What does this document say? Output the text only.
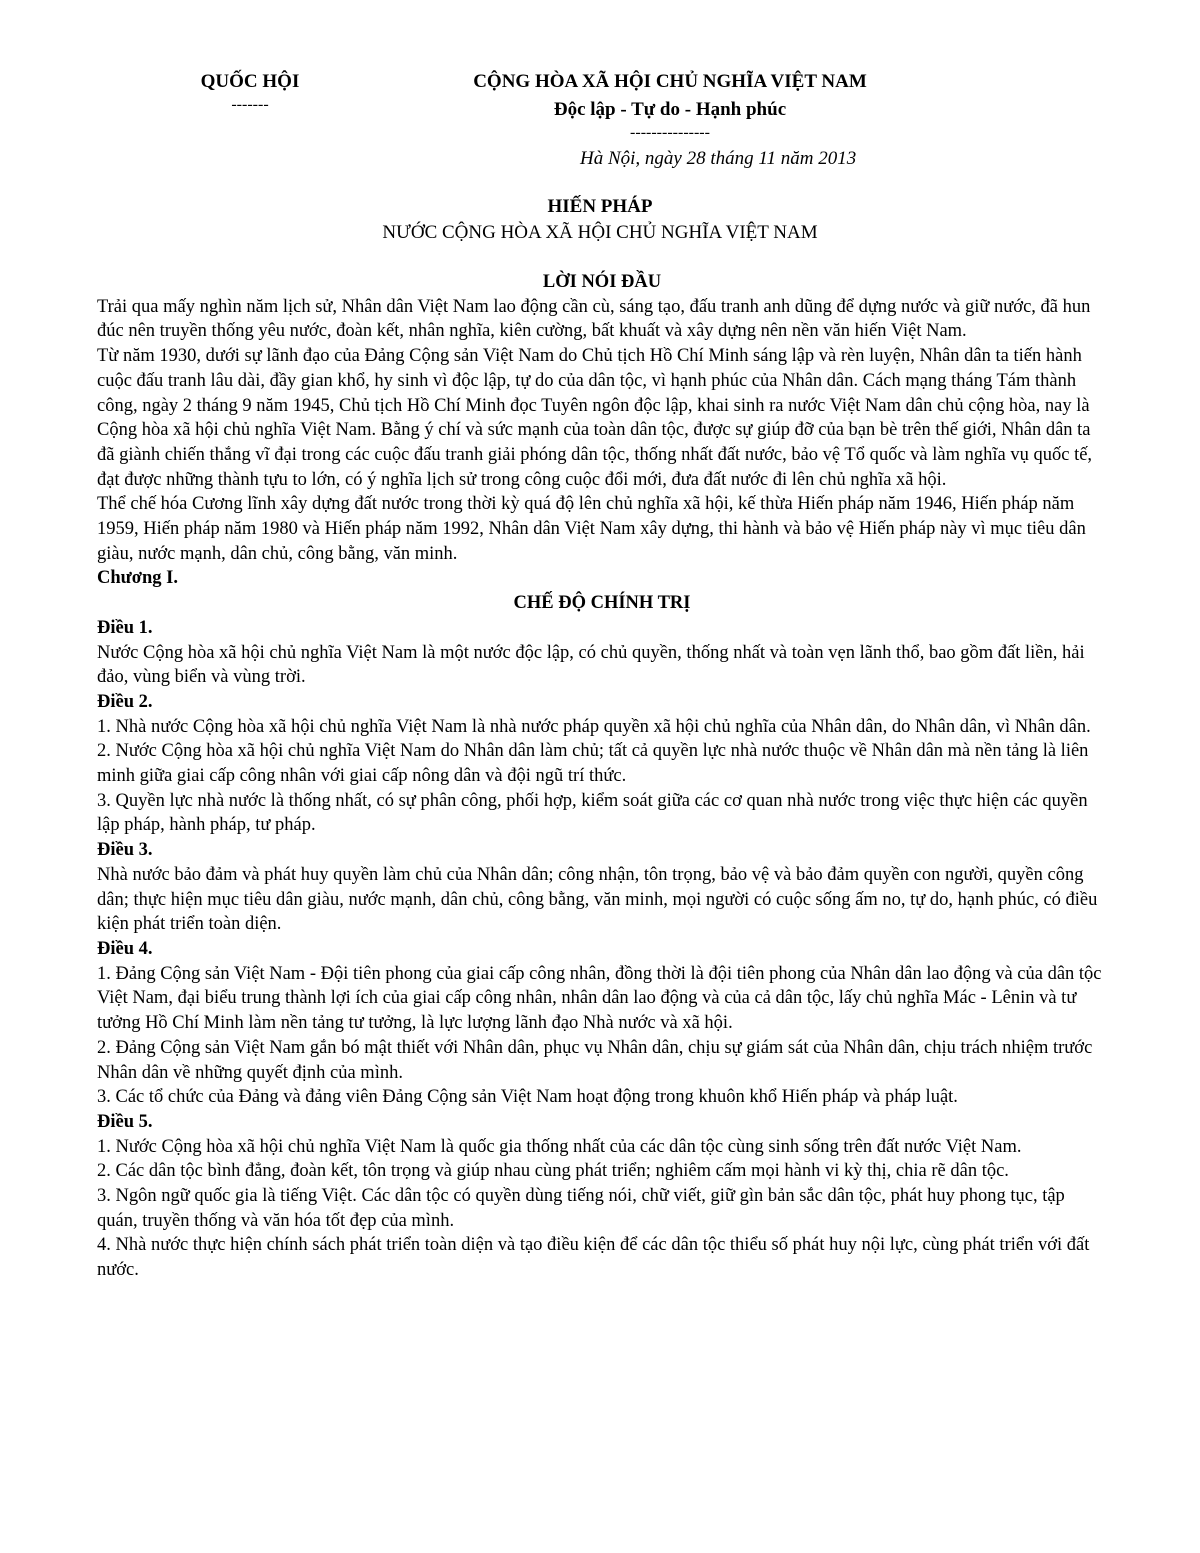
QUỐC HỘI
-------
CỘNG HÒA XÃ HỘI CHỦ NGHĨA VIỆT NAM
Độc lập - Tự do - Hạnh phúc
---------------
Hà Nội, ngày 28 tháng 11 năm 2013
HIẾN PHÁP
NƯỚC CỘNG HÒA XÃ HỘI CHỦ NGHĨA VIỆT NAM

LỜI NÓI ĐẦU

Trải qua mấy nghìn năm lịch sử, Nhân dân Việt Nam lao động cần cù, sáng tạo, đấu tranh anh dũng để dựng nước và giữ nước, đã hun đúc nên truyền thống yêu nước, đoàn kết, nhân nghĩa, kiên cường, bất khuất và xây dựng nên nền văn hiến Việt Nam.

Từ năm 1930, dưới sự lãnh đạo của Đảng Cộng sản Việt Nam do Chủ tịch Hồ Chí Minh sáng lập và rèn luyện, Nhân dân ta tiến hành cuộc đấu tranh lâu dài, đầy gian khổ, hy sinh vì độc lập, tự do của dân tộc, vì hạnh phúc của Nhân dân. Cách mạng tháng Tám thành công, ngày 2 tháng 9 năm 1945, Chủ tịch Hồ Chí Minh đọc Tuyên ngôn độc lập, khai sinh ra nước Việt Nam dân chủ cộng hòa, nay là Cộng hòa xã hội chủ nghĩa Việt Nam. Bằng ý chí và sức mạnh của toàn dân tộc, được sự giúp đỡ của bạn bè trên thế giới, Nhân dân ta đã giành chiến thắng vĩ đại trong các cuộc đấu tranh giải phóng dân tộc, thống nhất đất nước, bảo vệ Tổ quốc và làm nghĩa vụ quốc tế, đạt được những thành tựu to lớn, có ý nghĩa lịch sử trong công cuộc đổi mới, đưa đất nước đi lên chủ nghĩa xã hội.

Thể chế hóa Cương lĩnh xây dựng đất nước trong thời kỳ quá độ lên chủ nghĩa xã hội, kế thừa Hiến pháp năm 1946, Hiến pháp năm 1959, Hiến pháp năm 1980 và Hiến pháp năm 1992, Nhân dân Việt Nam xây dựng, thi hành và bảo vệ Hiến pháp này vì mục tiêu dân giàu, nước mạnh, dân chủ, công bằng, văn minh.

Chương I.

CHẾ ĐỘ CHÍNH TRỊ

Điều 1.

Nước Cộng hòa xã hội chủ nghĩa Việt Nam là một nước độc lập, có chủ quyền, thống nhất và toàn vẹn lãnh thổ, bao gồm đất liền, hải đảo, vùng biển và vùng trời.

Điều 2.

1. Nhà nước Cộng hòa xã hội chủ nghĩa Việt Nam là nhà nước pháp quyền xã hội chủ nghĩa của Nhân dân, do Nhân dân, vì Nhân dân.

2. Nước Cộng hòa xã hội chủ nghĩa Việt Nam do Nhân dân làm chủ; tất cả quyền lực nhà nước thuộc về Nhân dân mà nền tảng là liên minh giữa giai cấp công nhân với giai cấp nông dân và đội ngũ trí thức.

3. Quyền lực nhà nước là thống nhất, có sự phân công, phối hợp, kiểm soát giữa các cơ quan nhà nước trong việc thực hiện các quyền lập pháp, hành pháp, tư pháp.

Điều 3.

Nhà nước bảo đảm và phát huy quyền làm chủ của Nhân dân; công nhận, tôn trọng, bảo vệ và bảo đảm quyền con người, quyền công dân; thực hiện mục tiêu dân giàu, nước mạnh, dân chủ, công bằng, văn minh, mọi người có cuộc sống ấm no, tự do, hạnh phúc, có điều kiện phát triển toàn diện.

Điều 4.

1. Đảng Cộng sản Việt Nam - Đội tiên phong của giai cấp công nhân, đồng thời là đội tiên phong của Nhân dân lao động và của dân tộc Việt Nam, đại biểu trung thành lợi ích của giai cấp công nhân, nhân dân lao động và của cả dân tộc, lấy chủ nghĩa Mác - Lênin và tư tưởng Hồ Chí Minh làm nền tảng tư tưởng, là lực lượng lãnh đạo Nhà nước và xã hội.

2. Đảng Cộng sản Việt Nam gắn bó mật thiết với Nhân dân, phục vụ Nhân dân, chịu sự giám sát của Nhân dân, chịu trách nhiệm trước Nhân dân về những quyết định của mình.

3. Các tổ chức của Đảng và đảng viên Đảng Cộng sản Việt Nam hoạt động trong khuôn khổ Hiến pháp và pháp luật.

Điều 5.

1. Nước Cộng hòa xã hội chủ nghĩa Việt Nam là quốc gia thống nhất của các dân tộc cùng sinh sống trên đất nước Việt Nam.

2. Các dân tộc bình đẳng, đoàn kết, tôn trọng và giúp nhau cùng phát triển; nghiêm cấm mọi hành vi kỳ thị, chia rẽ dân tộc.

3. Ngôn ngữ quốc gia là tiếng Việt. Các dân tộc có quyền dùng tiếng nói, chữ viết, giữ gìn bản sắc dân tộc, phát huy phong tục, tập quán, truyền thống và văn hóa tốt đẹp của mình.

4. Nhà nước thực hiện chính sách phát triển toàn diện và tạo điều kiện để các dân tộc thiểu số phát huy nội lực, cùng phát triển với đất nước.
